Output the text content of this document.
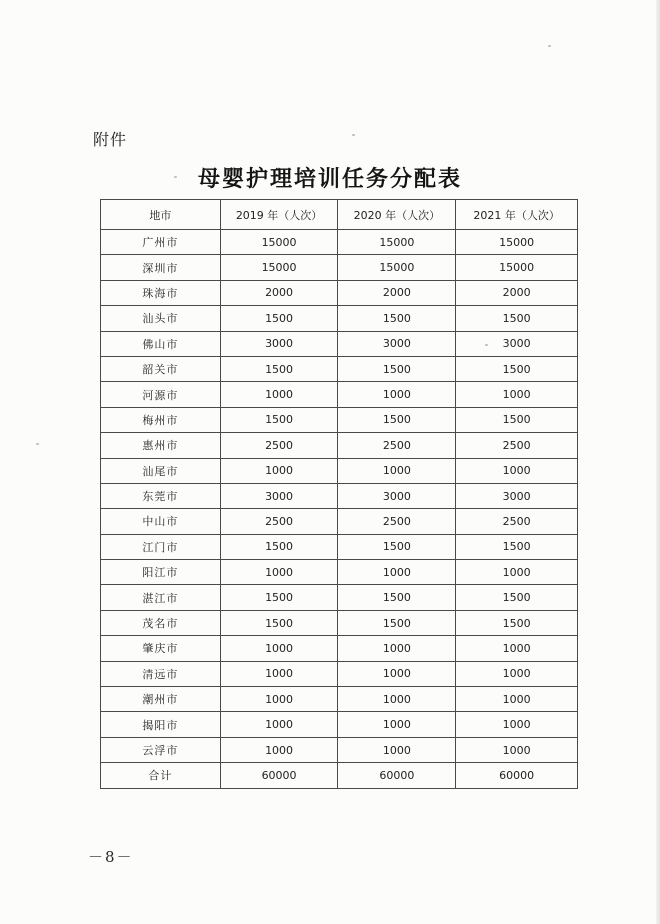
附件
母婴护理培训任务分配表
地市	2019 年（人次）	2020 年（人次）	2021 年（人次）
广州市	15000	15000	15000
深圳市	15000	15000	15000
珠海市	2000	2000	2000
汕头市	1500	1500	1500
佛山市	3000	3000	3000
韶关市	1500	1500	1500
河源市	1000	1000	1000
梅州市	1500	1500	1500
惠州市	2500	2500	2500
汕尾市	1000	1000	1000
东莞市	3000	3000	3000
中山市	2500	2500	2500
江门市	1500	1500	1500
阳江市	1000	1000	1000
湛江市	1500	1500	1500
茂名市	1500	1500	1500
肇庆市	1000	1000	1000
清远市	1000	1000	1000
潮州市	1000	1000	1000
揭阳市	1000	1000	1000
云浮市	1000	1000	1000
合计	60000	60000	60000
－8－
